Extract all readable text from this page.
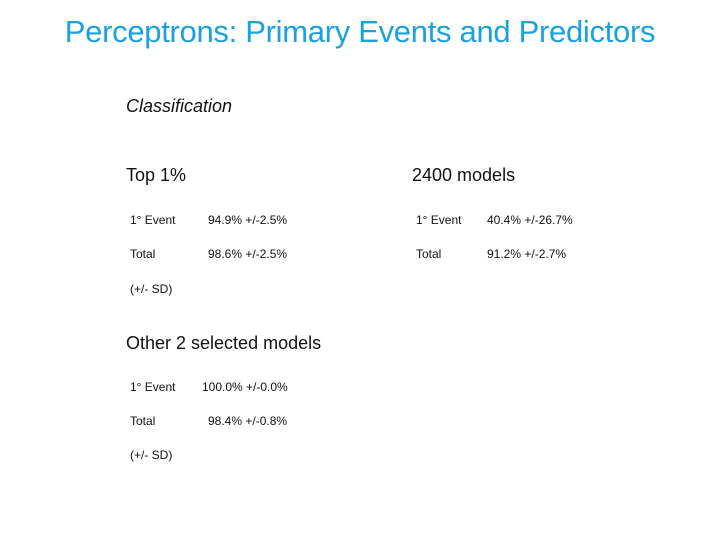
Perceptrons: Primary Events and Predictors
Classification
Top 1%	2400 models
1° Event	94.9% +/-2.5%
Total	98.6% +/-2.5%
1° Event 40.4% +/-26.7%
Total	91.2% +/-2.7%
(+/- SD)
Other 2 selected models
1° Event 100.0% +/-0.0%
Total	98.4% +/-0.8%
(+/- SD)
